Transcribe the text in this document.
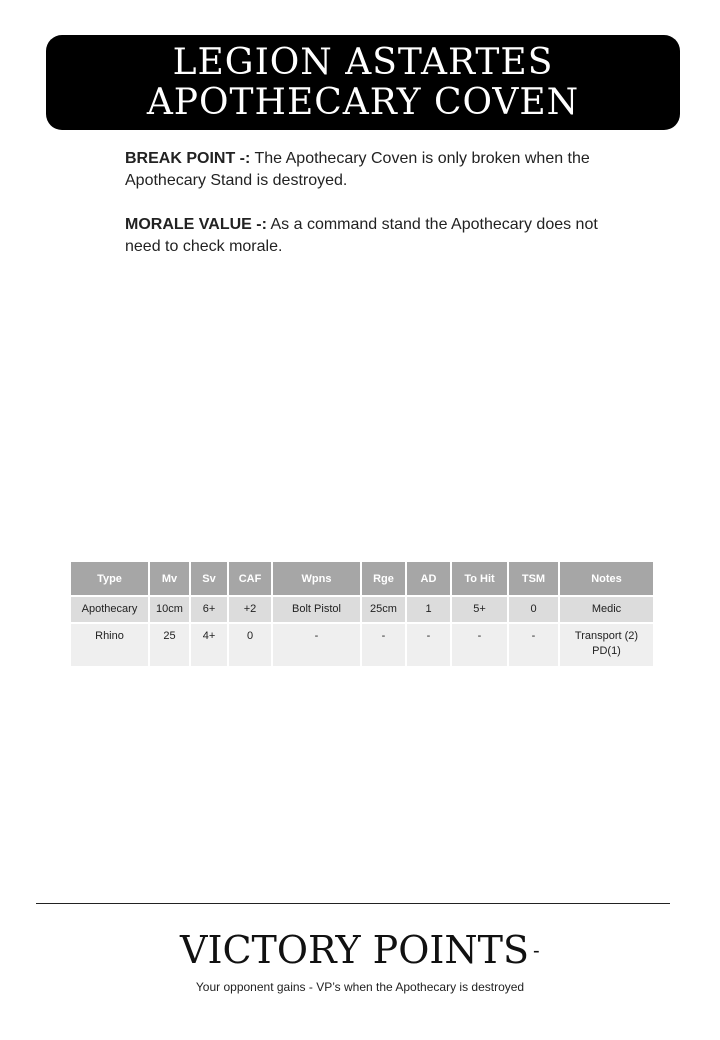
LEGION ASTARTES APOTHECARY COVEN

BREAK POINT -: The Apothecary Coven is only broken when the Apothecary Stand is destroyed.

MORALE VALUE -: As a command stand the Apothecary does not need to check morale.

Type	Mv	Sv	CAF	Wpns	Rge	AD	To Hit	TSM	Notes
Apothecary	10cm	6+	+2	Bolt Pistol	25cm	1	5+	0	Medic
Rhino	25	4+	0	-	-	-	-	-	Transport (2) PD(1)
VICTORY POINTS -
Your opponent gains - VP’s when the Apothecary is destroyed
